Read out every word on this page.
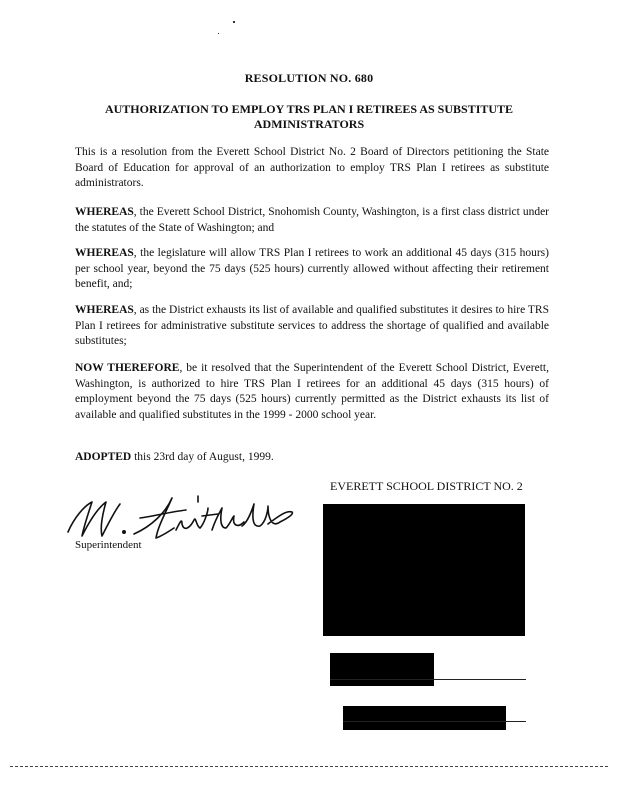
RESOLUTION NO. 680
AUTHORIZATION TO EMPLOY TRS PLAN I RETIREES AS SUBSTITUTE
ADMINISTRATORS
This is a resolution from the Everett School District No. 2 Board of Directors petitioning the State Board of Education for approval of an authorization to employ TRS Plan I retirees as substitute administrators.
WHEREAS, the Everett School District, Snohomish County, Washington, is a first class district under the statutes of the State of Washington; and
WHEREAS, the legislature will allow TRS Plan I retirees to work an additional 45 days (315 hours) per school year, beyond the 75 days (525 hours) currently allowed without affecting their retirement benefit, and;
WHEREAS, as the District exhausts its list of available and qualified substitutes it desires to hire TRS Plan I retirees for administrative substitute services to address the shortage of qualified and available substitutes;
NOW THEREFORE, be it resolved that the Superintendent of the Everett School District, Everett, Washington, is authorized to hire TRS Plan I retirees for an additional 45 days (315 hours) of employment beyond the 75 days (525 hours) currently permitted as the District exhausts its list of available and qualified substitutes in the 1999 - 2000 school year.
ADOPTED this 23rd day of August, 1999.
EVERETT SCHOOL DISTRICT NO. 2
Superintendent
